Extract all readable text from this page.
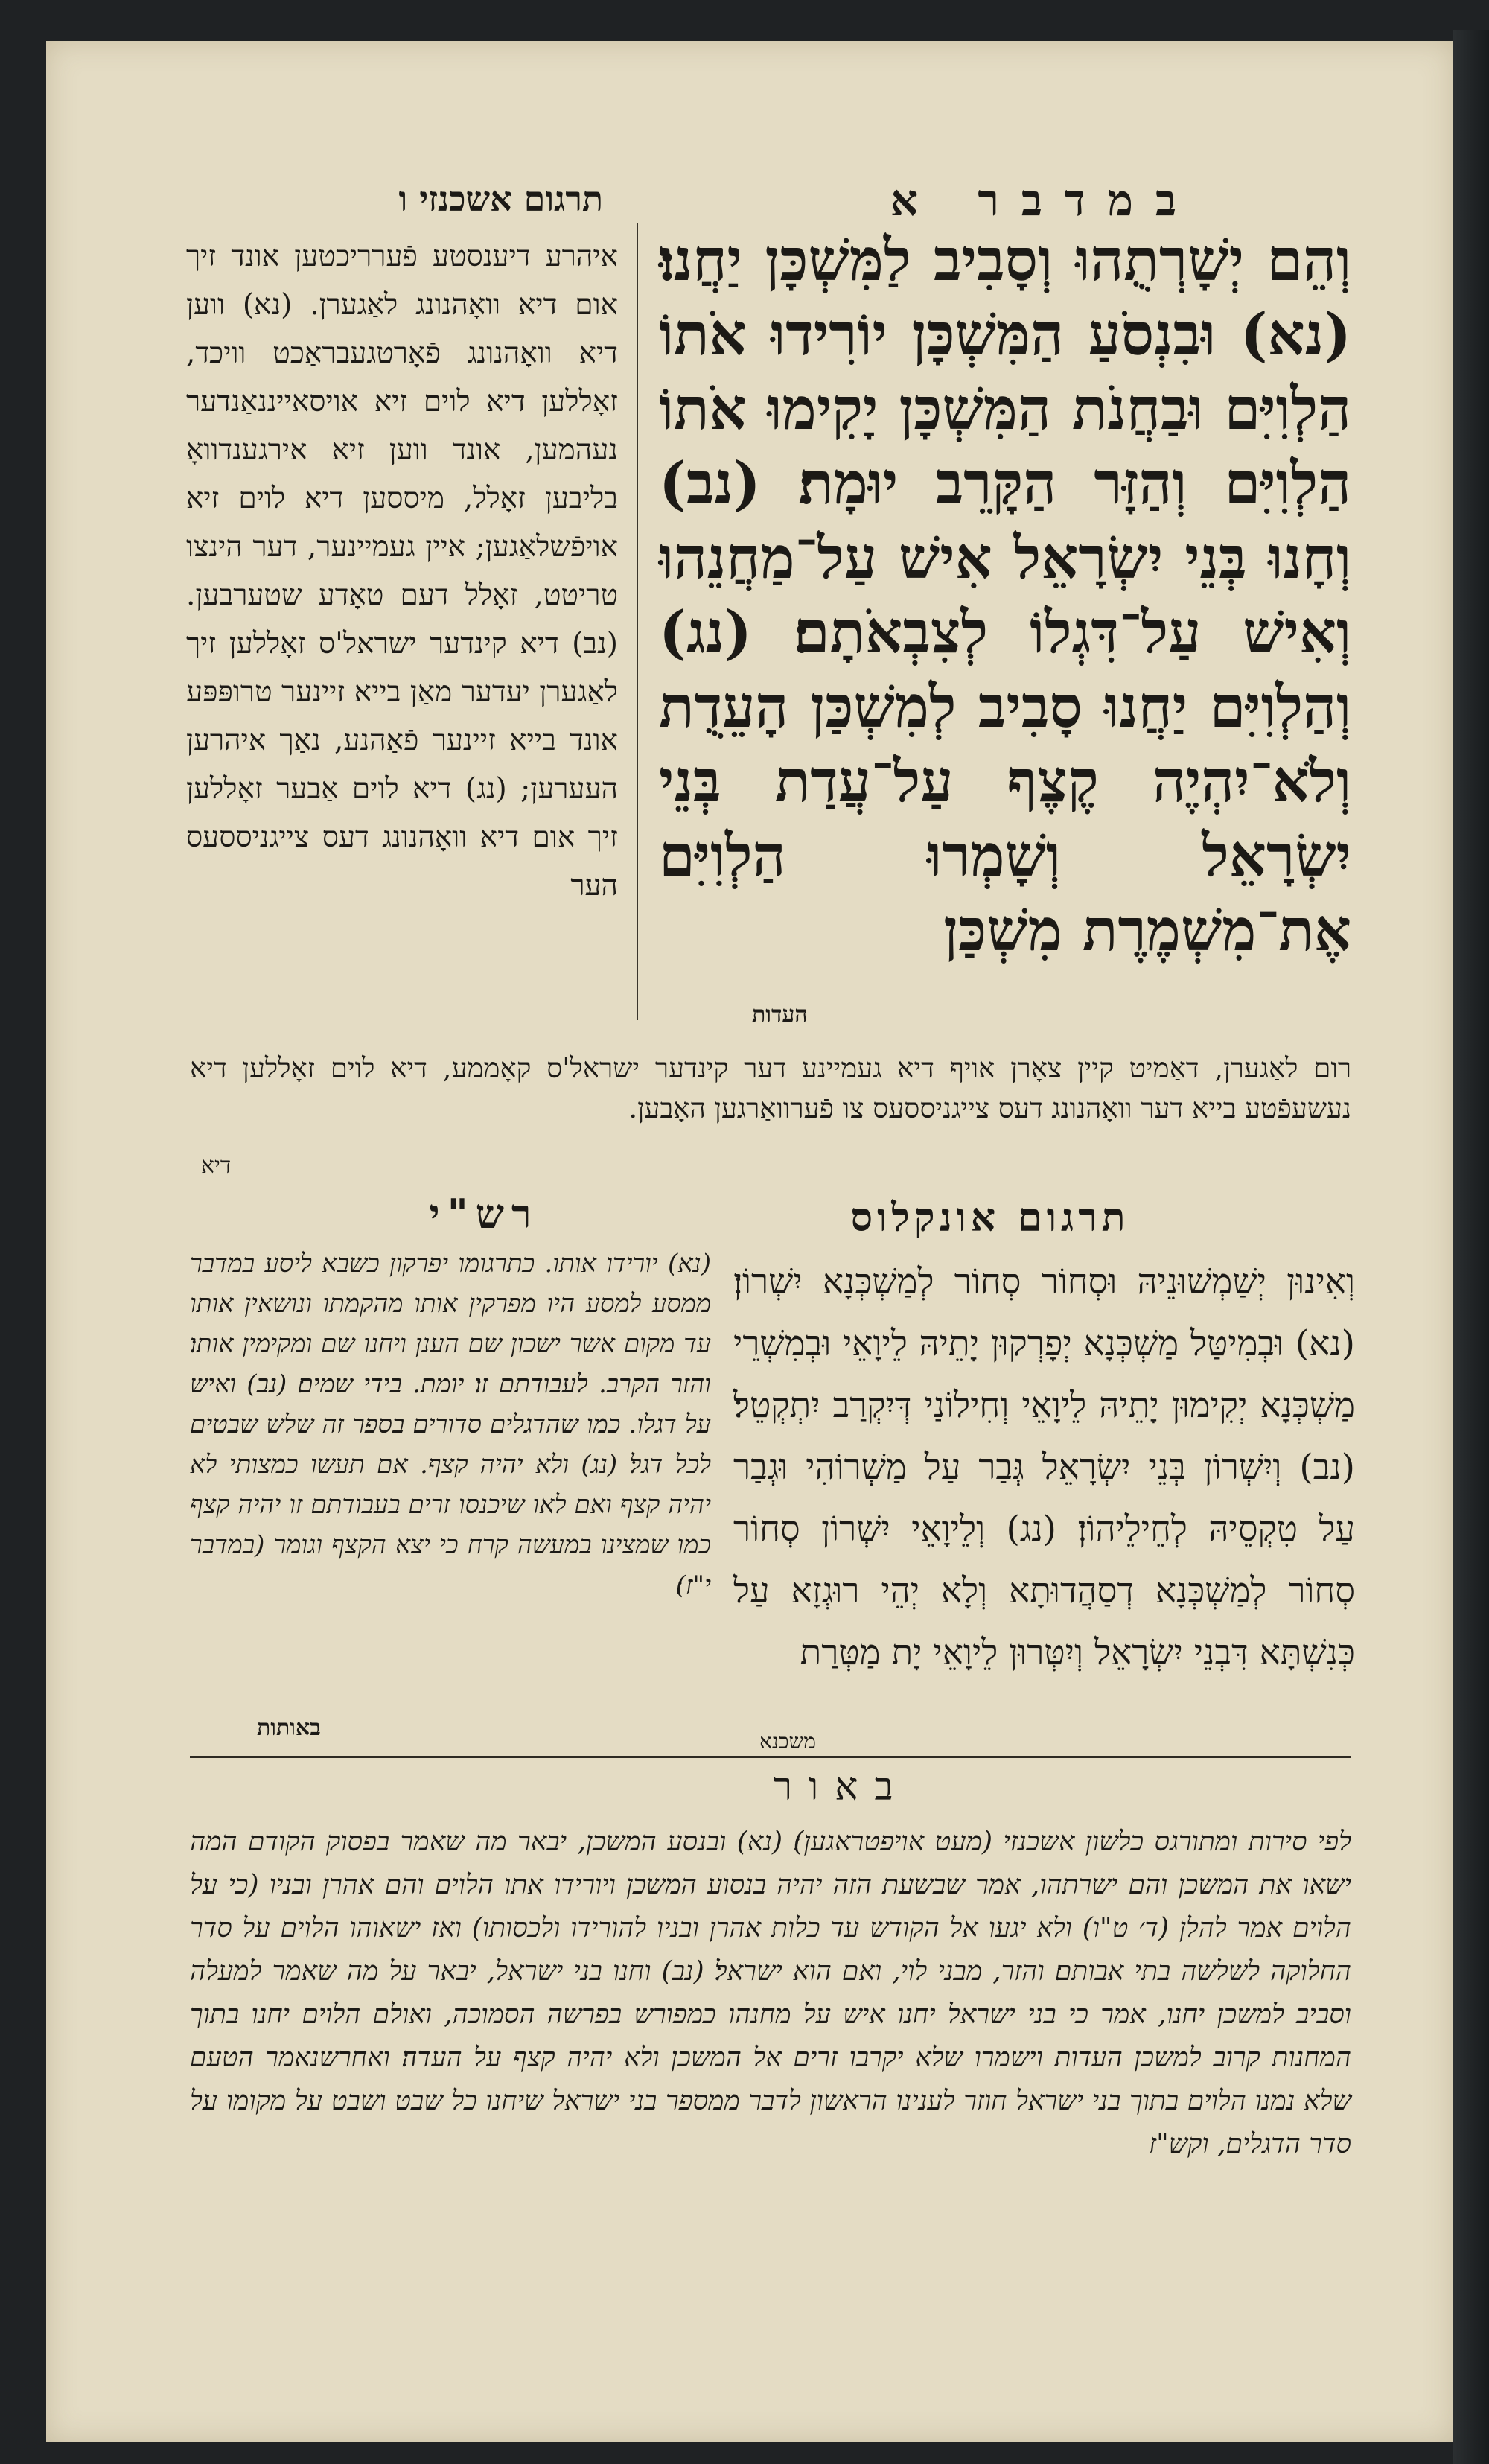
במדבר א
תרגום אשכנזי ו
וְהֵם יְשָׁרְתֻהוּ וְסָבִיב לַמִּשְׁכָּן יַחֲנוּ׃ (נא) וּבִנְסֹעַ הַמִּשְׁכָּן יוֹרִידוּ אֹתוֹ הַלְוִיִּם וּבַחֲנֹת הַמִּשְׁכָּן יָקִימוּ אֹתוֹ הַלְוִיִּם וְהַזָּר הַקָּרֵב יוּמָת׃ (נב) וְחָנוּ בְּנֵי יִשְׂרָאֵל אִישׁ עַל־מַחֲנֵהוּ וְאִישׁ עַל־דִּגְלוֹ לְצִבְאֹתָם׃ (נג) וְהַלְוִיִּם יַחֲנוּ סָבִיב לְמִשְׁכַּן הָעֵדֻת וְלֹא־יִהְיֶה קֶצֶף עַל־עֲדַת בְּנֵי יִשְׂרָאֵל וְשָׁמְרוּ הַלְוִיִּם אֶת־מִשְׁמֶרֶת מִשְׁכַּן
העדות
איהרע דיענסטע פֿערריכטען אונד זיך אום דיא וואָהנונג לאַגערן. (נא) ווען דיא וואָהנונג פֿאָרטגעבראַכט וויכד, זאָללען דיא לוים זיא אויסאייננאַנדער נעהמען, אונד ווען זיא אירגענדוואָ בליבען זאָלל, מיססען דיא לוים זיא אויפֿשלאַגען; איין געמיינער, דער הינצו טריטט, זאָלל דעם טאָדע שטערבען. (נב) דיא קינדער ישראל'ס זאָללען זיך לאַגערן יעדער מאַן בייא זיינער טרופּפּע אונד בייא זיינער פֿאַהנע, נאַך איהרען העערען; (נג) דיא לוים אַבער זאָללען זיך אום דיא וואָהנונג דעס צייגניססעס הער
רום לאַגערן, דאַמיט קיין צאָרן אויף דיא געמיינע דער קינדער ישראל'ס קאָממע, דיא לוים זאָללען דיא נעשעפֿטע בייא דער וואָהנונג דעס צייגניססעס צו פֿערוואַרגען האָבען.
דיא
תרגום אונקלוס
רש"י
וְאִינוּן יְשַׁמְשׁוּנֵיהּ וּסְחוֹר סְחוֹר לְמַשְׁכְּנָא יִשְׁרוֹן׃ (נא) וּבְמִיטַּל מַשְׁכְּנָא יְפָרְקוּן יָתֵיהּ לֵיוָאֵי וּבְמִשְׁרֵי מַשְׁכְּנָא יְקִימוּן יָתֵיהּ לֵיוָאֵי וְחִילוֹנַי דְּיִקְרַב יִתְקְטֵל׃ (נב) וְיִשְׁרוֹן בְּנֵי יִשְׂרָאֵל גְּבַר עַל מַשְׁרוֹהִי וּגְבַר עַל טִקְסֵיהּ לְחֵילֵיהוֹן׃ (נג) וְלֵיוָאֵי יִשְׁרוֹן סְחוֹר סְחוֹר לְמַשְׁכְּנָא דְסַהֲדוּתָא וְלָא יְהֵי רוּגְזָא עַל כְּנִשְׁתָּא דִּבְנֵי יִשְׂרָאֵל וְיִטְּרוּן לֵיוָאֵי יָת מַטְּרַת
משכנא
(נא) יורידו אותו. כתרגומו יפרקון כשבא ליסע במדבר ממסע למסע היו מפרקין אותו מהקמתו ונושאין אותו עד מקום אשר ישכון שם הענן ויחנו שם ומקימין אותו׃ והזר הקרב. לעבודתם זו׃ יומת. בידי שמים׃ (נב) ואיש על דגלו. כמו שהדגלים סדורים בספר זה שלש שבטים לכל דגל׃ (נג) ולא יהיה קצף. אם תעשו כמצותי לא יהיה קצף ואם לאו שיכנסו זרים בעבודתם זו יהיה קצף כמו שמצינו במעשה קרח כי יצא הקצף וגומר (במדבר י"ז)׃
באותות
באור
לפי סירות ומתורגס כלשון אשכנזי (מעט אויפטראגען)׃ (נא) ובנסע המשכן, יבאר מה שאמר בפסוק הקודם המה ישאו את המשכן והם ישרתהו, אמר שבשעת הזה יהיה בנסוע המשכן ויורידו אתו הלוים והם אהרן ובניו (כי על הלוים אמר להלן (ד׳ ט"ו) ולא יגעו אל הקודש עד כלות אהרן ובניו להורידו ולכסותו) ואז ישאוהו הלוים על סדר החלוקה לשלשה בתי אבותם׃ והזר, מבני לוי, ואם הוא ישראל׃ (נב) וחנו בני ישראל, יבאר על מה שאמר למעלה וסביב למשכן יחנו, אמר כי בני ישראל יחנו איש על מחנהו כמפורש בפרשה הסמוכה, ואולם הלוים יחנו בתוך המחנות קרוב למשכן העדות וישמרו שלא יקרבו זרים אל המשכן ולא יהיה קצף על העדה׃ ואחרשנאמר הטעם שלא נמנו הלוים בתוך בני ישראל חוזר לענינו הראשון לדבר ממספר בני ישראל שיחנו כל שבט ושבט על מקומו על סדר הדגלים, וקש"ז
